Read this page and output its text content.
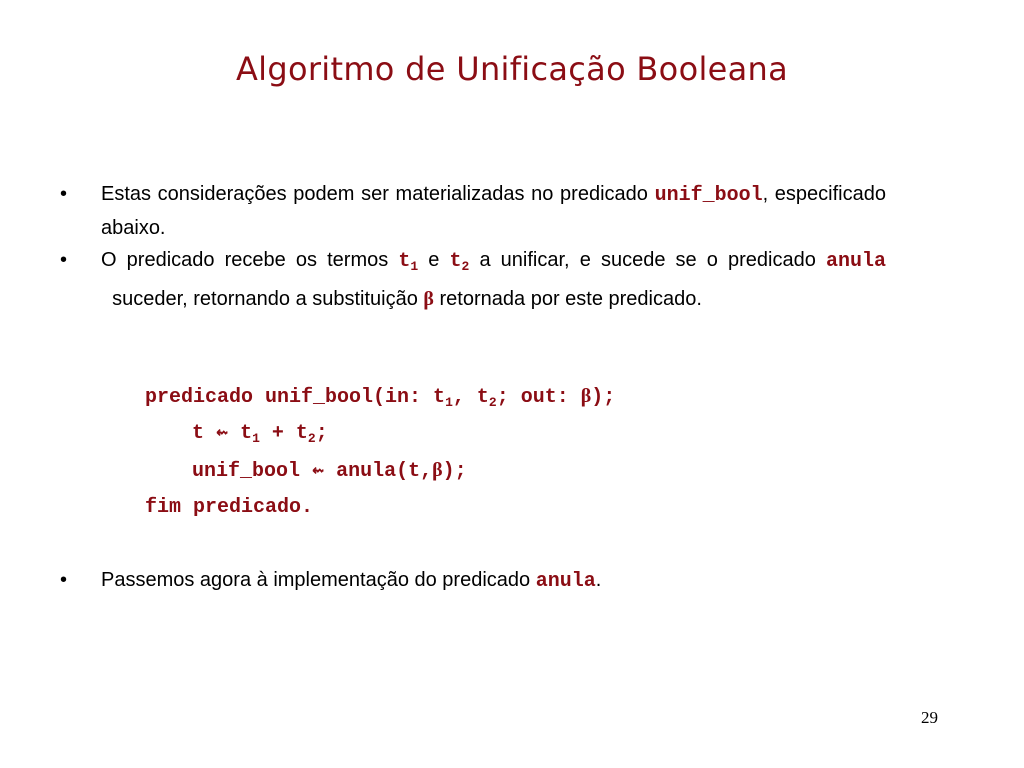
Algoritmo de Unificação Booleana
•	Estas considerações podem ser materializadas no predicado unif_bool, especificado abaixo.
•	O predicado recebe os termos $t_1$ e $t_2$ a unificar, e sucede se o predicado anula  suceder, retornando a substituição β retornada por este predicado.
predicado unif_bool(in: $t_1$, $t_2$; out: β);
t ⇜ $t_1 + t_2$;
unif_bool ⇜ anula(t,β);
fim predicado.
•	Passemos agora à implementação do predicado anula.
29
